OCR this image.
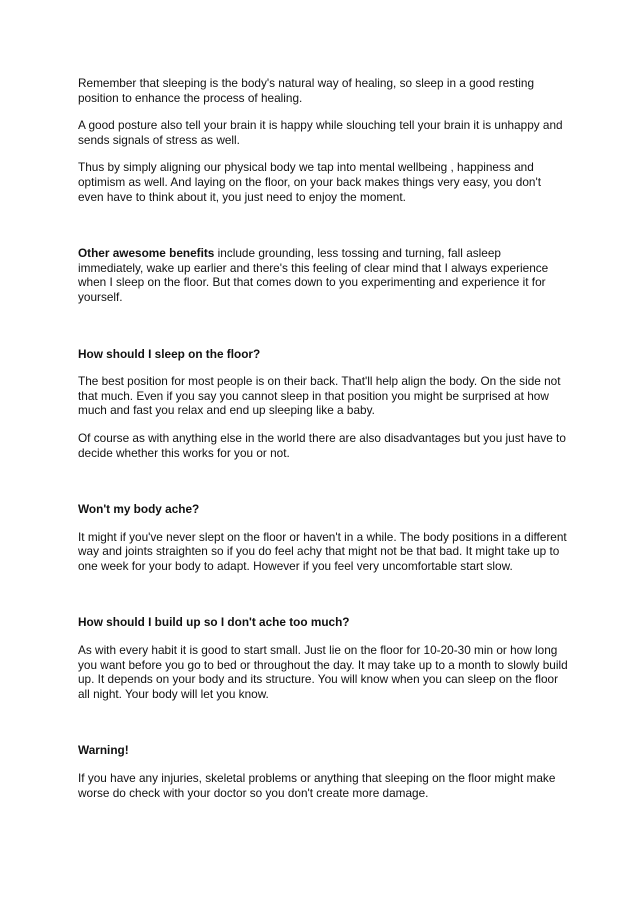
Remember that sleeping is the body's natural way of healing, so sleep in a good resting position to enhance the process of healing.

A good posture also tell your brain it is happy while slouching tell your brain it is unhappy and sends signals of stress as well.

Thus by simply aligning our physical body we tap into mental wellbeing , happiness and optimism as well. And laying on the floor, on your back makes things very easy, you don't even have to think about it, you just need to enjoy the moment.

Other awesome benefits include grounding, less tossing and turning, fall asleep immediately, wake up earlier and there's this feeling of clear mind that I always experience when I sleep on the floor. But that comes down to you experimenting and experience it for yourself.

How should I sleep on the floor?

The best position for most people is on their back. That'll help align the body. On the side not that much. Even if you say you cannot sleep in that position you might be surprised at how much and fast you relax and end up sleeping like a baby.

Of course as with anything else in the world there are also disadvantages but you just have to decide whether this works for you or not.

Won't my body ache?

It might if you've never slept on the floor or haven't in a while. The body positions in a different way and joints straighten so if you do feel achy that might not be that bad. It might take up to one week for your body to adapt. However if you feel very uncomfortable start slow.

How should I build up so I don't ache too much?

As with every habit it is good to start small. Just lie on the floor for 10-20-30 min or how long you want before you go to bed or throughout the day. It may take up to a month to slowly build up. It depends on your body and its structure. You will know when you can sleep on the floor all night. Your body will let you know.

Warning!

If you have any injuries, skeletal problems or anything that sleeping on the floor might make worse do check with your doctor so you don't create more damage.
